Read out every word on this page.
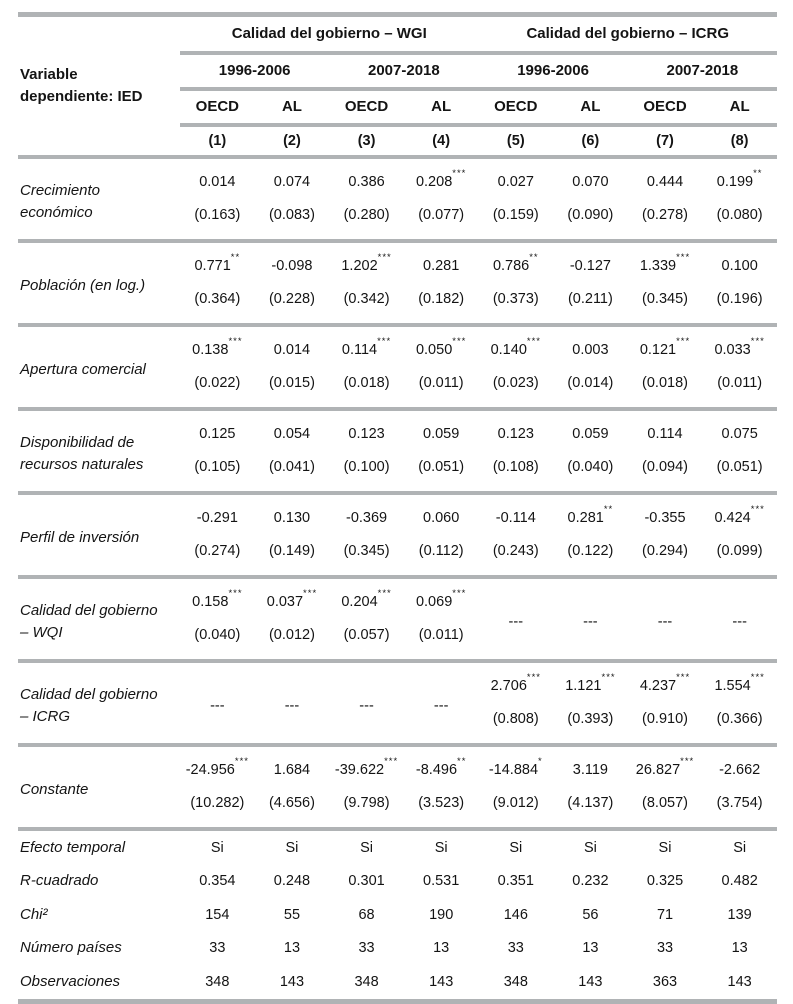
Variable dependiente: IED	Calidad del gobierno – WGI				Calidad del gobierno – ICRG			
	1996-2006		2007-2018		1996-2006		2007-2018	
	OECD	AL	OECD	AL	OECD	AL	OECD	AL
	(1)	(2)	(3)	(4)	(5)	(6)	(7)	(8)
Crecimiento económico	0.014	0.074	0.386	0.208***	0.027	0.070	0.444	0.199**
	(0.163)	(0.083)	(0.280)	(0.077)	(0.159)	(0.090)	(0.278)	(0.080)
Población (en log.)	0.771**	-0.098	1.202***	0.281	0.786**	-0.127	1.339***	0.100
	(0.364)	(0.228)	(0.342)	(0.182)	(0.373)	(0.211)	(0.345)	(0.196)
Apertura comercial	0.138***	0.014	0.114***	0.050***	0.140***	0.003	0.121***	0.033***
	(0.022)	(0.015)	(0.018)	(0.011)	(0.023)	(0.014)	(0.018)	(0.011)
Disponibilidad de recursos naturales	0.125	0.054	0.123	0.059	0.123	0.059	0.114	0.075
	(0.105)	(0.041)	(0.100)	(0.051)	(0.108)	(0.040)	(0.094)	(0.051)
Perfil de inversión	-0.291	0.130	-0.369	0.060	-0.114	0.281**	-0.355	0.424***
	(0.274)	(0.149)	(0.345)	(0.112)	(0.243)	(0.122)	(0.294)	(0.099)
Calidad del gobierno – WQI	0.158***	0.037***	0.204***	0.069***	---	---	---	---
	(0.040)	(0.012)	(0.057)	(0.011)				
Calidad del gobierno – ICRG	---	---	---	---	2.706***	1.121***	4.237***	1.554***
					(0.808)	(0.393)	(0.910)	(0.366)
Constante	-24.956***	1.684	-39.622***	-8.496**	-14.884*	3.119	26.827***	-2.662
	(10.282)	(4.656)	(9.798)	(3.523)	(9.012)	(4.137)	(8.057)	(3.754)
Efecto temporal	Si	Si	Si	Si	Si	Si	Si	Si
R-cuadrado	0.354	0.248	0.301	0.531	0.351	0.232	0.325	0.482
Chi²	154	55	68	190	146	56	71	139
Número países	33	13	33	13	33	13	33	13
Observaciones	348	143	348	143	348	143	363	143
